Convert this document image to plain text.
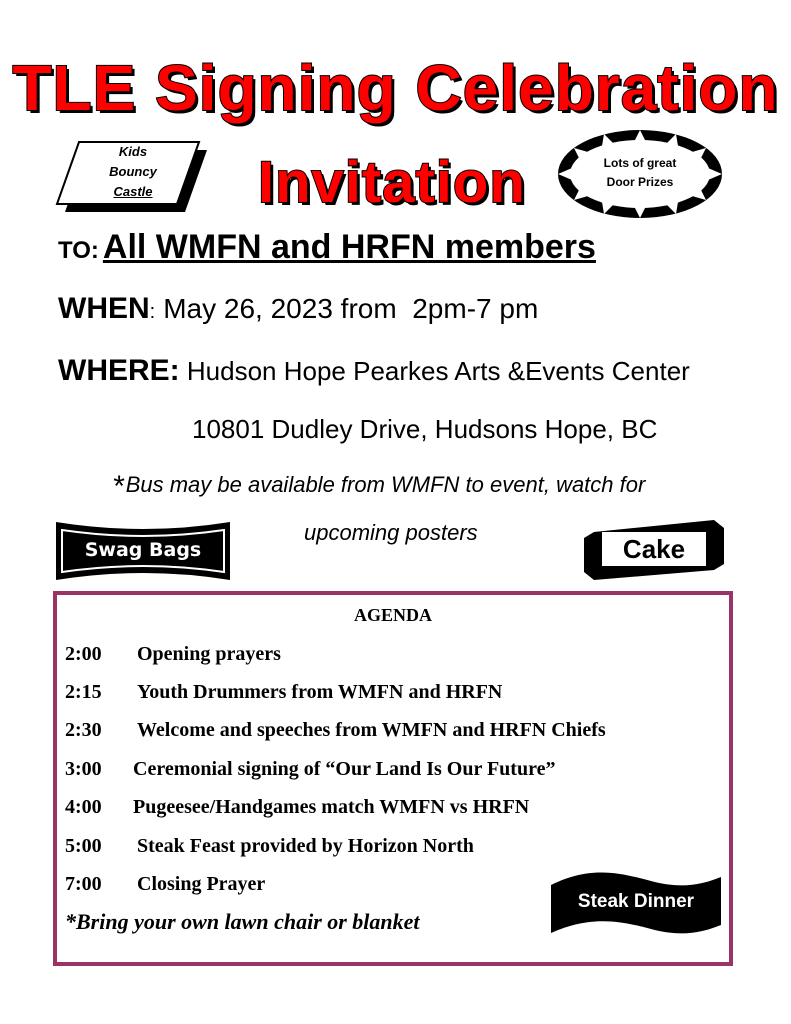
TLE Signing Celebration
Invitation
Kids
Bouncy
Castle
Lots of great
Door Prizes
TO: All WMFN and HRFN members
WHEN: May 26, 2023 from  2pm-7 pm
WHERE: Hudson Hope Pearkes Arts &Events Center
10801 Dudley Drive, Hudsons Hope, BC
*Bus may be available from WMFN to event, watch for
upcoming posters
Swag Bags	Cake
AGENDA
2:00 Opening prayers
2:15 Youth Drummers from WMFN and HRFN
2:30 Welcome and speeches from WMFN and HRFN Chiefs
3:00 Ceremonial signing of “Our Land Is Our Future”
4:00 Pugeesee/Handgames match WMFN vs HRFN
5:00 Steak Feast provided by Horizon North
7:00 Closing Prayer
*Bring your own lawn chair or blanket
Steak Dinner
